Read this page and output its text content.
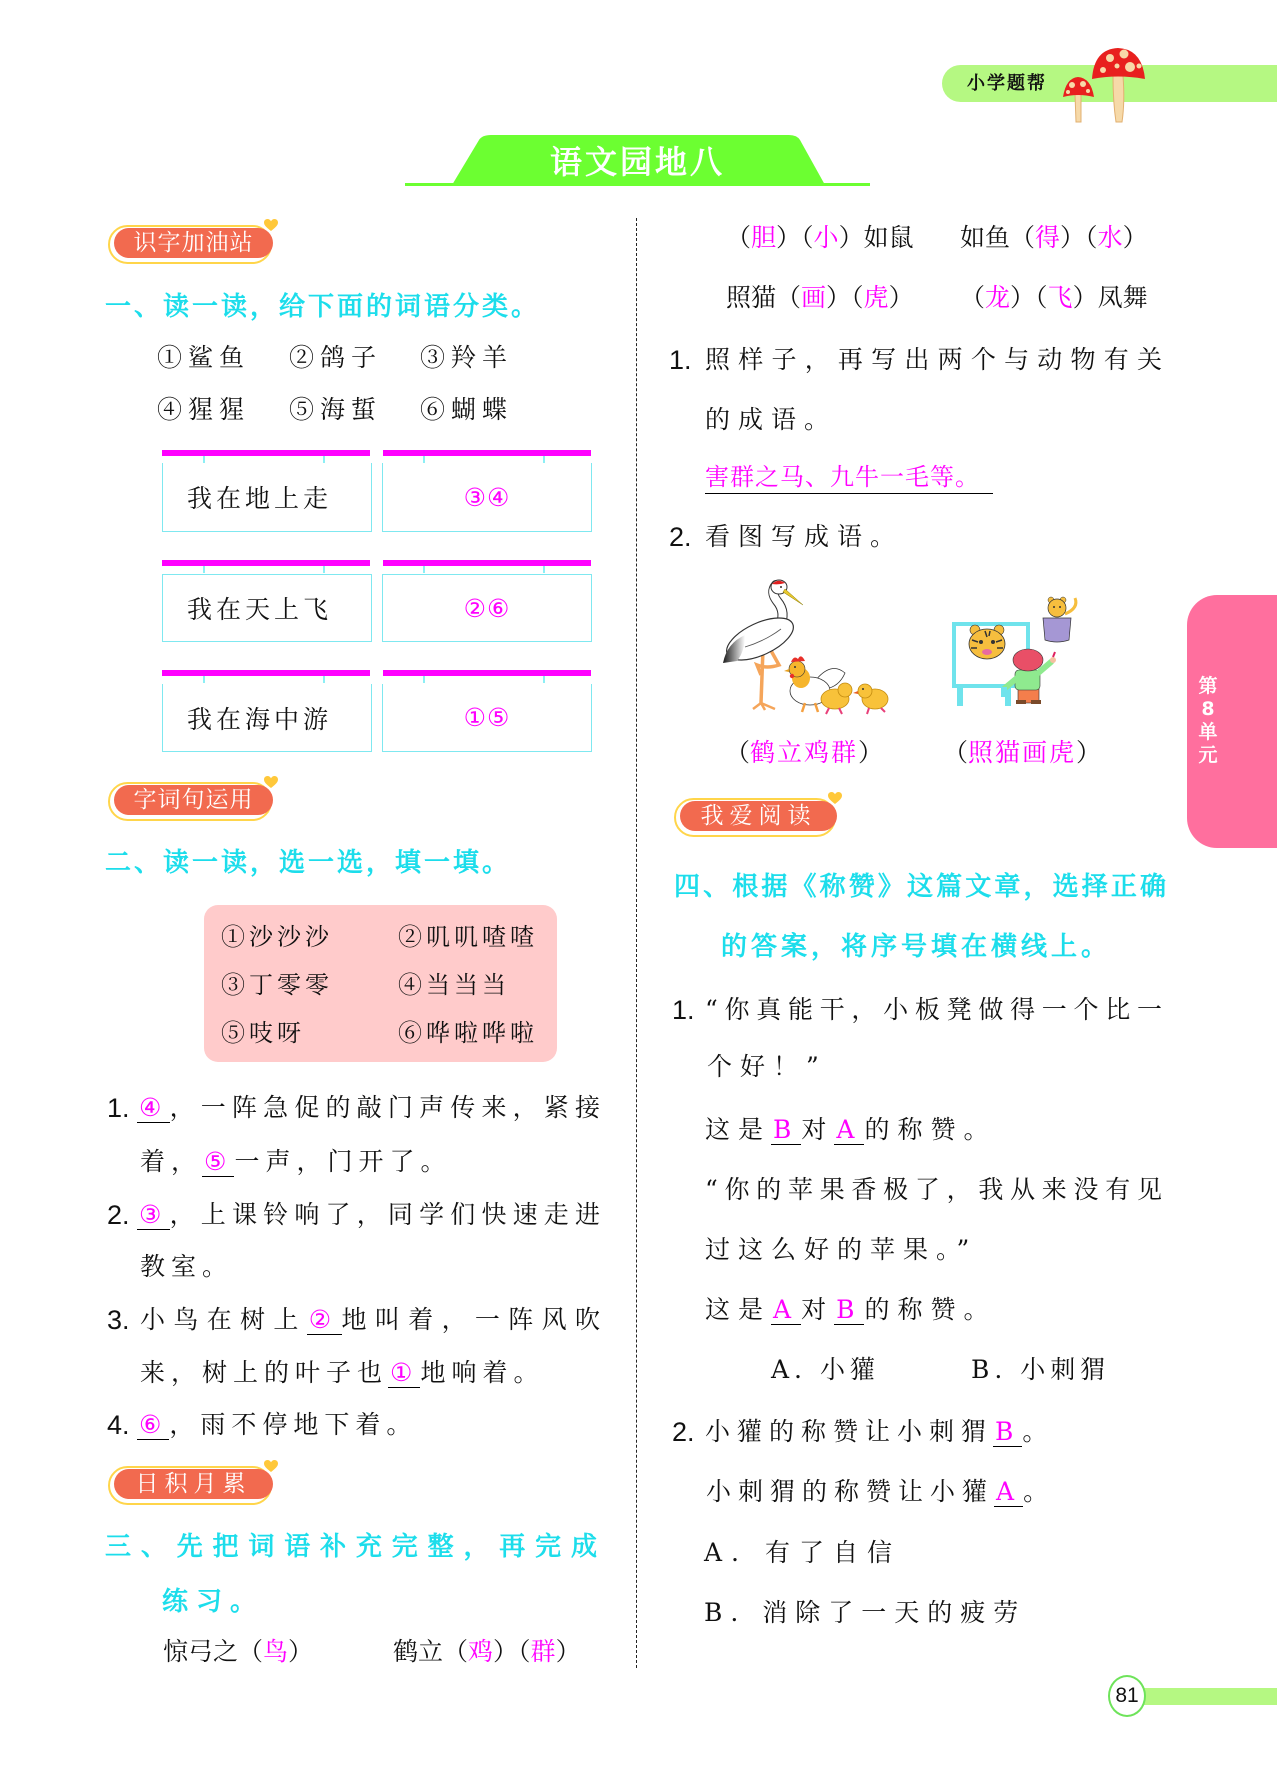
小学题帮
语文园地八
第
8
单
元
81
识字加油站
一、读一读，给下面的词语分类。
①鲨鱼 ②鸽子 ③羚羊
④猩猩 ⑤海蜇 ⑥蝴蝶
我在地上走	③④
我在天上飞	②⑥
我在海中游	①⑤
字词句运用
二、读一读，选一选，填一填。
①沙沙沙	②叽叽喳喳
③丁零零	④当当当
⑤吱呀	⑥哗啦哗啦
1. ④，一阵急促的敲门声传来，紧接
着，⑤一声，门开了。
2. ③，上课铃响了，同学们快速走进
教室。
3. 小鸟在树上②地叫着，一阵风吹
来，树上的叶子也①地响着。
4. ⑥，雨不停地下着。
日积月累
三、先把词语补充完整，再完成
练习。
惊弓之（鸟）	鹤立（鸡）（群）
（胆）（小）如鼠 如鱼（得）（水）
照猫（画）（虎） （龙）（飞）凤舞
1. 照样子，再写出两个与动物有关
的成语。
害群之马、九牛一毛等。
2. 看图写成语。
（鹤立鸡群） （照猫画虎）
我爱阅读
四、根据《称赞》这篇文章，选择正确
的答案，将序号填在横线上。
1. “你真能干，小板凳做得一个比一
个好！”
这是B对A的称赞。
“你的苹果香极了，我从来没有见
过这么好的苹果。”
这是A对B的称赞。
A. 小獾	B. 小刺猬
2. 小獾的称赞让小刺猬B。
小刺猬的称赞让小獾A。
A. 有了自信
B. 消除了一天的疲劳
